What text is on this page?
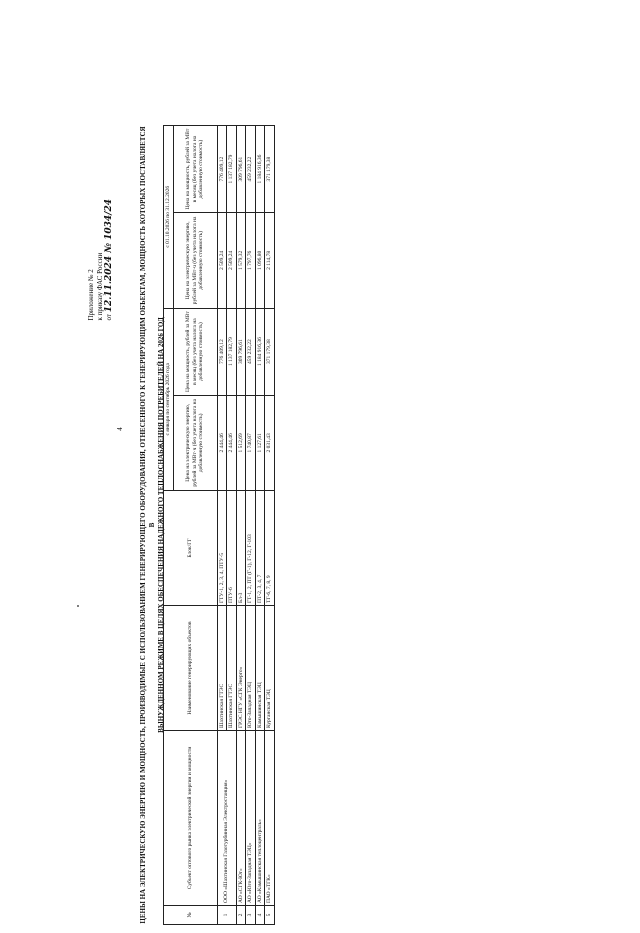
4
Приложение № 2 к приказу ФАС России от 12.11.2024 № 1034/24	ЦЕНЫ НА ЭЛЕКТРИЧЕСКУЮ ЭНЕРГИЮ И МОЩНОСТЬ, ПРОИЗВОДИМЫЕ С ИСПОЛЬЗОВАНИЕМ ГЕНЕРИРУЮЩЕГО ОБОРУДОВАНИЯ, ОТНЕСЕННОГО К ГЕНЕРИРУЮЩИМ ОБЪЕКТАМ, МОЩНОСТЬ КОТОРЫХ ПОСТАВЛЯЕТСЯ В ВЫНУЖДЕННОМ РЕЖИМЕ В ЦЕЛЯХ ОБЕСПЕЧЕНИЯ НАДЕЖНОГО ТЕПЛОСНАБЖЕНИЯ ПОТРЕБИТЕЛЕЙ НА 2026 ГОД
№	Субъект оптового рынка электрической энергии и мощности	Наименование генерирующих объектов	Блок/ГГ	с января по сентябрь 2026 года		с 01.10.2026 по 31.12.2026	
				Цена на электрическую энергию, рублей за МВт·ч (без учета налога на добавленную стоимость)	Цена на мощность, рублей за МВт в месяц (без учета налога на добавленную стоимость)	Цена на электрическую энергию, рублей за МВт·ч (без учета налога на добавленную стоимость)	Цена на мощность, рублей за МВт в месяц (без учета налога на добавленную стоимость)

1	ООО «Шахтинская Газотурбинная Электростанция»	Шахтинская ГТЭС	ГТУ-1, 2, 3, 4, ПТУ-5	2 444,46	776 409,12	2 509,24	776 409,12
		Шахтинская ГТЭС	ПТУ-6	2 444,46	1 137 182,79	2 509,24	1 137 182,79
2	АО «СГК-Юг»	ГРЭС НГУ «СГК Энерго»	Бл-3	1 512,69	309 796,61	1 579,32	309 796,61
3	АО «Юго-Западная ТЭЦ»	Юго-Западная ТЭЦ	ГТ-1, 2, ПТ (Г-1), Г-12, Г-103	1 740,87	459 232,22	1 797,76	459 232,22
4	АО «Камышинская теплоцентраль»	Камышинская ТЭЦ	ПТ-2, 3, 4, 7	1 127,61	1 184 916,36	1 096,80	1 184 916,36
5	ПАО «ТГК»	Курганская ТЭЦ	ТГ-6, 7, 8, 9	2 031,43	371 179,38	2 114,78	371 179,38
